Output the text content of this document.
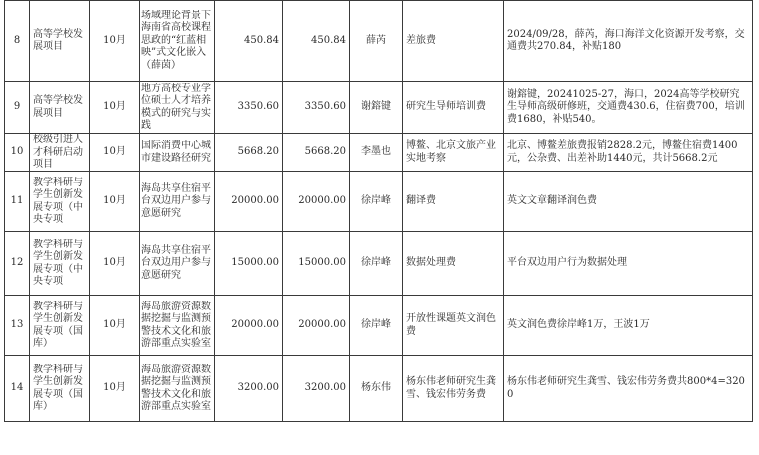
8	高等学校发展项目	10月	场域理论背景下海南省高校课程思政的“红蓝相映”式文化嵌入（薛茵）	450.84	450.84	薛芮	差旅费	2024/09/28，薛芮，海口海洋文化资源开发考察，交通费共270.84，补贴180
9	高等学校发展项目	10月	地方高校专业学位硕士人才培养模式的研究与实践	3350.60	3350.60	谢鎔键	研究生导师培训费	谢鎔键，20241025-27，海口，2024高等学校研究生导师高级研修班，交通费430.6，住宿费700，培训费1680，补贴540。
10	校级引进人才科研启动项目	10月	国际消费中心城市建设路径研究	5668.20	5668.20	李墨也	博鳌、北京文旅产业实地考察	北京、博鳌差旅费报销2828.2元，博鳌住宿费1400元，公杂费、出差补助1440元，共计5668.2元
11	教学科研与学生创新发展专项（中央专项	10月	海岛共享住宿平台双边用户参与意愿研究	20000.00	20000.00	徐岸峰	翻译费	英文文章翻译润色费
12	教学科研与学生创新发展专项（中央专项	10月	海岛共享住宿平台双边用户参与意愿研究	15000.00	15000.00	徐岸峰	数据处理费	平台双边用户行为数据处理
13	教学科研与学生创新发展专项（国库）	10月	海岛旅游资源数据挖掘与监测预警技术文化和旅游部重点实验室	20000.00	20000.00	徐岸峰	开放性课题英文润色费	英文润色费徐岸峰1万，王波1万
14	教学科研与学生创新发展专项（国库）	10月	海岛旅游资源数据挖掘与监测预警技术文化和旅游部重点实验室	3200.00	3200.00	杨东伟	杨东伟老师研究生龚雪、钱宏伟劳务费	杨东伟老师研究生龚雪、钱宏伟劳务费共800*4=3200
